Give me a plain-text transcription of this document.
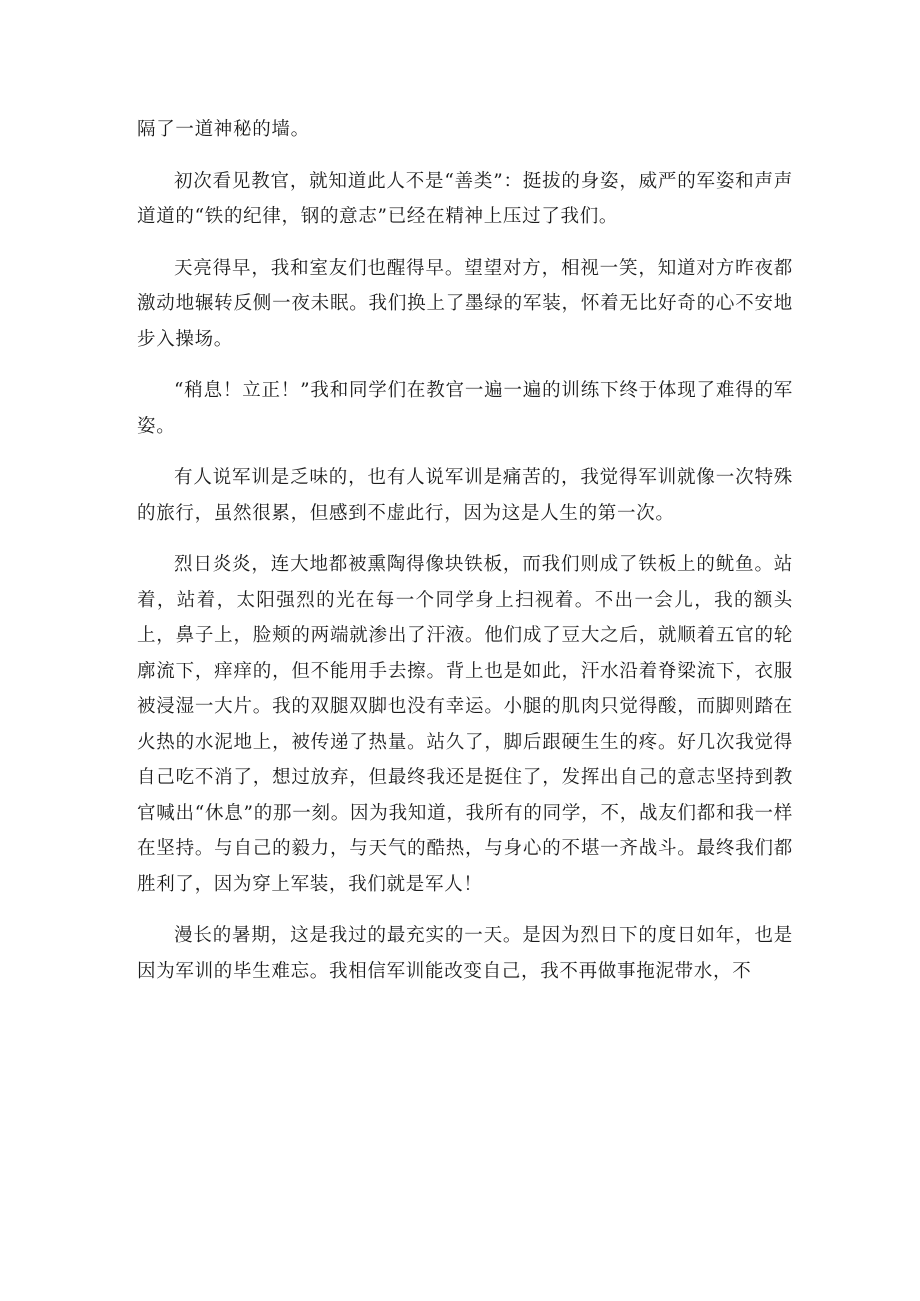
隔了一道神秘的墙。

初次看见教官，就知道此人不是“善类”：挺拔的身姿，威严的军姿和声声道道的“铁的纪律，钢的意志”已经在精神上压过了我们。

天亮得早，我和室友们也醒得早。望望对方，相视一笑，知道对方昨夜都激动地辗转反侧一夜未眠。我们换上了墨绿的军装，怀着无比好奇的心不安地步入操场。

“稍息！立正！”我和同学们在教官一遍一遍的训练下终于体现了难得的军姿。

有人说军训是乏味的，也有人说军训是痛苦的，我觉得军训就像一次特殊的旅行，虽然很累，但感到不虚此行，因为这是人生的第一次。

烈日炎炎，连大地都被熏陶得像块铁板，而我们则成了铁板上的鱿鱼。站着，站着，太阳强烈的光在每一个同学身上扫视着。不出一会儿，我的额头上，鼻子上，脸颊的两端就渗出了汗液。他们成了豆大之后，就顺着五官的轮廓流下，痒痒的，但不能用手去擦。背上也是如此，汗水沿着脊梁流下，衣服被浸湿一大片。我的双腿双脚也没有幸运。小腿的肌肉只觉得酸，而脚则踏在火热的水泥地上，被传递了热量。站久了，脚后跟硬生生的疼。好几次我觉得自己吃不消了，想过放弃，但最终我还是挺住了，发挥出自己的意志坚持到教官喊出“休息”的那一刻。因为我知道，我所有的同学，不，战友们都和我一样在坚持。与自己的毅力，与天气的酷热，与身心的不堪一齐战斗。最终我们都胜利了，因为穿上军装，我们就是军人！

漫长的暑期，这是我过的最充实的一天。是因为烈日下的度日如年，也是因为军训的毕生难忘。我相信军训能改变自己，我不再做事拖泥带水，不
